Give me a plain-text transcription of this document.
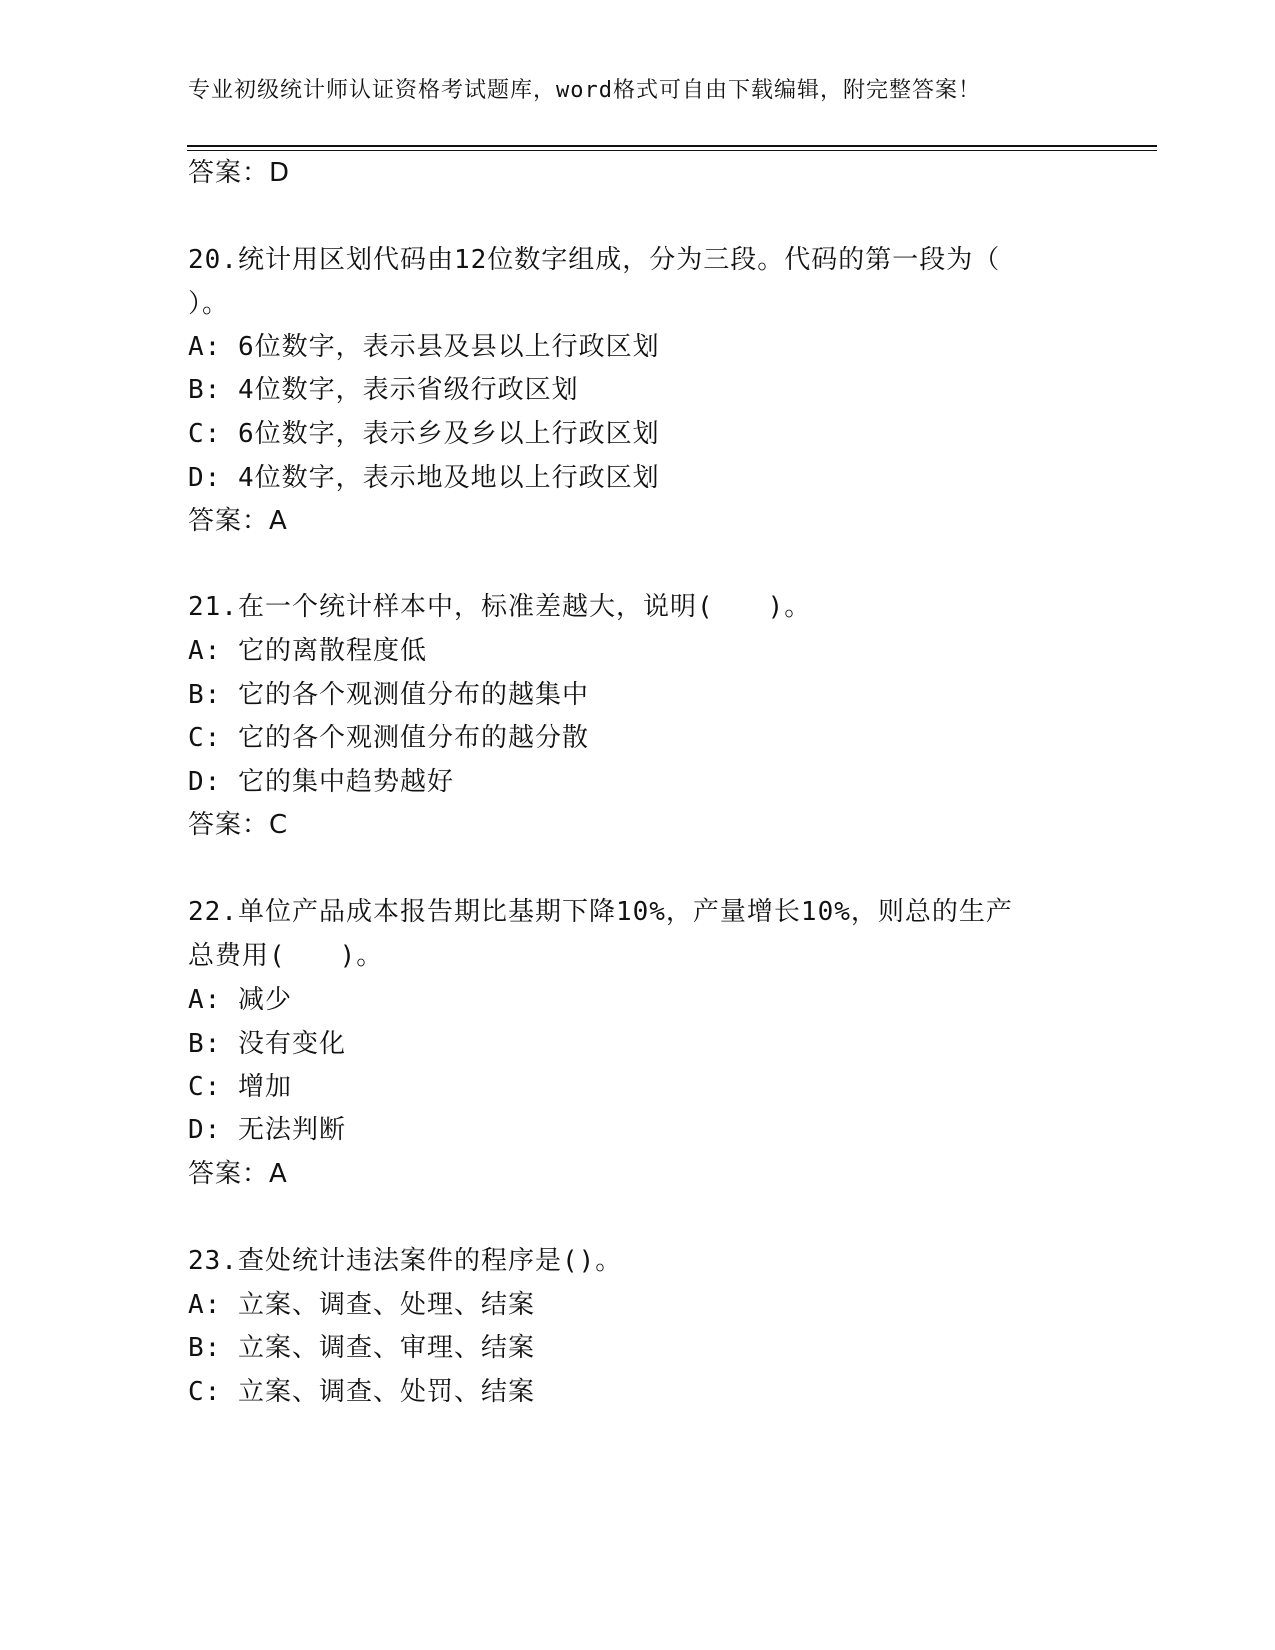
专业初级统计师认证资格考试题库，word格式可自由下载编辑，附完整答案！
答案：D
20.统计用区划代码由12位数字组成，分为三段。代码的第一段为（
）。
A: 6位数字，表示县及县以上行政区划
B: 4位数字，表示省级行政区划
C: 6位数字，表示乡及乡以上行政区划
D: 4位数字，表示地及地以上行政区划
答案：A
21.在一个统计样本中，标准差越大，说明(　　)。
A: 它的离散程度低
B: 它的各个观测值分布的越集中
C: 它的各个观测值分布的越分散
D: 它的集中趋势越好
答案：C
22.单位产品成本报告期比基期下降10%，产量增长10%，则总的生产
总费用(　　)。
A: 减少
B: 没有变化
C: 增加
D: 无法判断
答案：A
23.查处统计违法案件的程序是()。
A: 立案、调查、处理、结案
B: 立案、调查、审理、结案
C: 立案、调查、处罚、结案
